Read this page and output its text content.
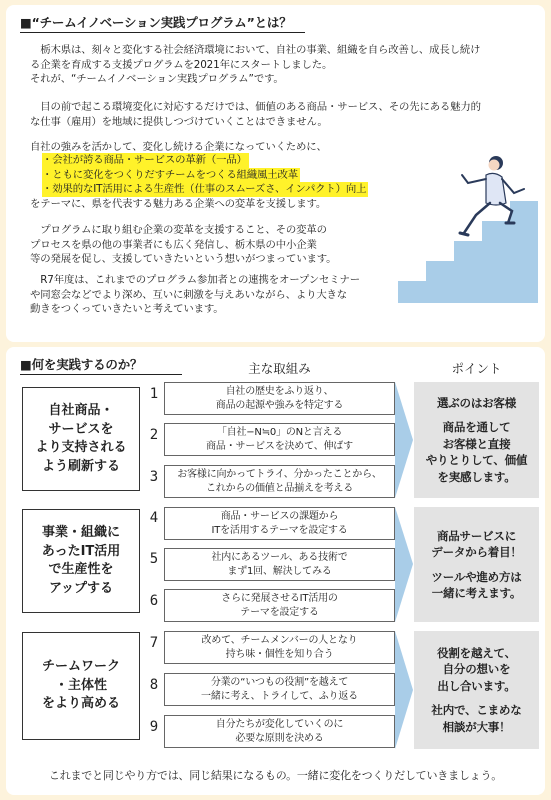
■“チームイノベーション実践プログラム”とは？
　栃木県は、刻々と変化する社会経済環境において、自社の事業、組織を自ら改善し、成長し続け
る企業を育成する支援プログラムを2021年にスタートしました。
それが、“チームイノベーション実践プログラム”です。
　目の前で起こる環境変化に対応するだけでは、価値のある商品・サービス、その先にある魅力的
な仕事（雇用）を地域に提供しつづけていくことはできません。
自社の強みを活かして、変化し続ける企業になっていくために、
・会社が誇る商品・サービスの革新（一品）
・ともに変化をつくりだすチームをつくる組織風土改革
・効果的なIT活用による生産性（仕事のスムーズさ、インパクト）向上
をテーマに、県を代表する魅力ある企業への変革を支援します。
　プログラムに取り組む企業の変革を支援すること、その変革の
プロセスを県の他の事業者にも広く発信し、栃木県の中小企業
等の発展を促し、支援していきたいという想いがつまっています。
　R7年度は、これまでのプログラム参加者との連携をオープンセミナー
や同窓会などでより深め、互いに刺激を与えあいながら、より大きな
動きをつくっていきたいと考えています。
■何を実践するのか？	主な取組み	ポイント
自社商品・
サービスを
より支持される
よう刷新する
1	自社の歴史をふり返り、
商品の起源や強みを特定する
2	「自社−N≒0」のNと言える
商品・サービスを決めて、伸ばす
3	お客様に向かってトライ、分かったことから、
これからの価値と品揃えを考える
選ぶのはお客様
商品を通して
お客様と直接
やりとりして、価値
を実感します。
事業・組織に
あったIT活用
で生産性を
アップする
4	商品・サービスの課題から
ITを活用するテーマを設定する
5	社内にあるツール、ある技術で
まず1回、解決してみる
6	さらに発展させるIT活用の
テーマを設定する
商品サービスに
データから着目！
ツールや進め方は
一緒に考えます。
チームワーク
・主体性
をより高める
7	改めて、チームメンバーの人となり
持ち味・個性を知り合う
8	分業の“いつもの役割”を越えて
一緒に考え、トライして、ふり返る
9	自分たちが変化していくのに
必要な原則を決める
役割を越えて、
自分の想いを
出し合います。
社内で、こまめな
相談が大事！
これまでと同じやり方では、同じ結果になるもの。一緒に変化をつくりだしていきましょう。
